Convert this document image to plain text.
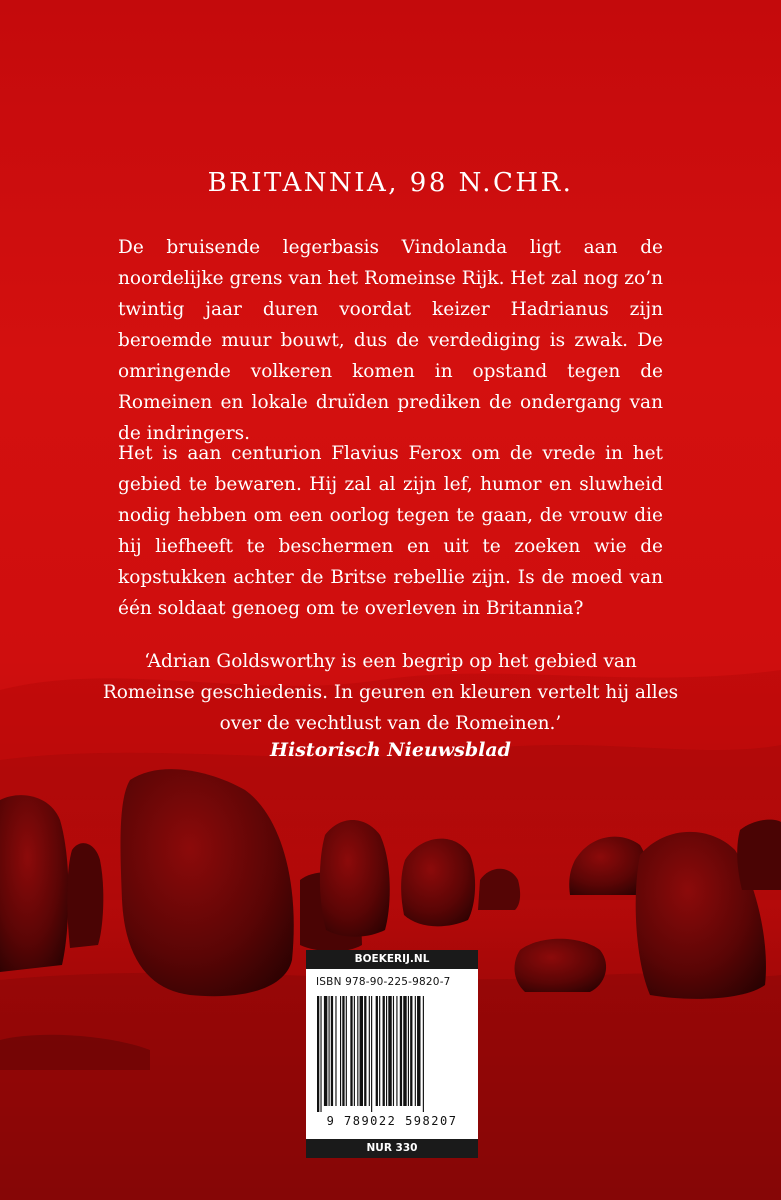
BRITANNIA, 98 N.CHR.

De bruisende legerbasis Vindolanda ligt aan de noordelijke grens van het Romeinse Rijk. Het zal nog zo’n twintig jaar duren voordat keizer Hadrianus zijn beroemde muur bouwt, dus de verdediging is zwak. De omringende volkeren komen in opstand tegen de Romeinen en lokale druïden prediken de ondergang van de indringers.

Het is aan centurion Flavius Ferox om de vrede in het gebied te bewaren. Hij zal al zijn lef, humor en sluwheid nodig hebben om een oorlog tegen te gaan, de vrouw die hij liefheeft te beschermen en uit te zoeken wie de kopstukken achter de Britse rebellie zijn. Is de moed van één soldaat genoeg om te overleven in Britannia?

‘Adrian Goldsworthy is een begrip op het gebied van Romeinse geschiedenis. In geuren en kleuren vertelt hij alles over de vechtlust van de Romeinen.’

Historisch Nieuwsblad
BOEKERIJ.NL
ISBN 978-90-225-9820-7
9 789022 598207
NUR 330
